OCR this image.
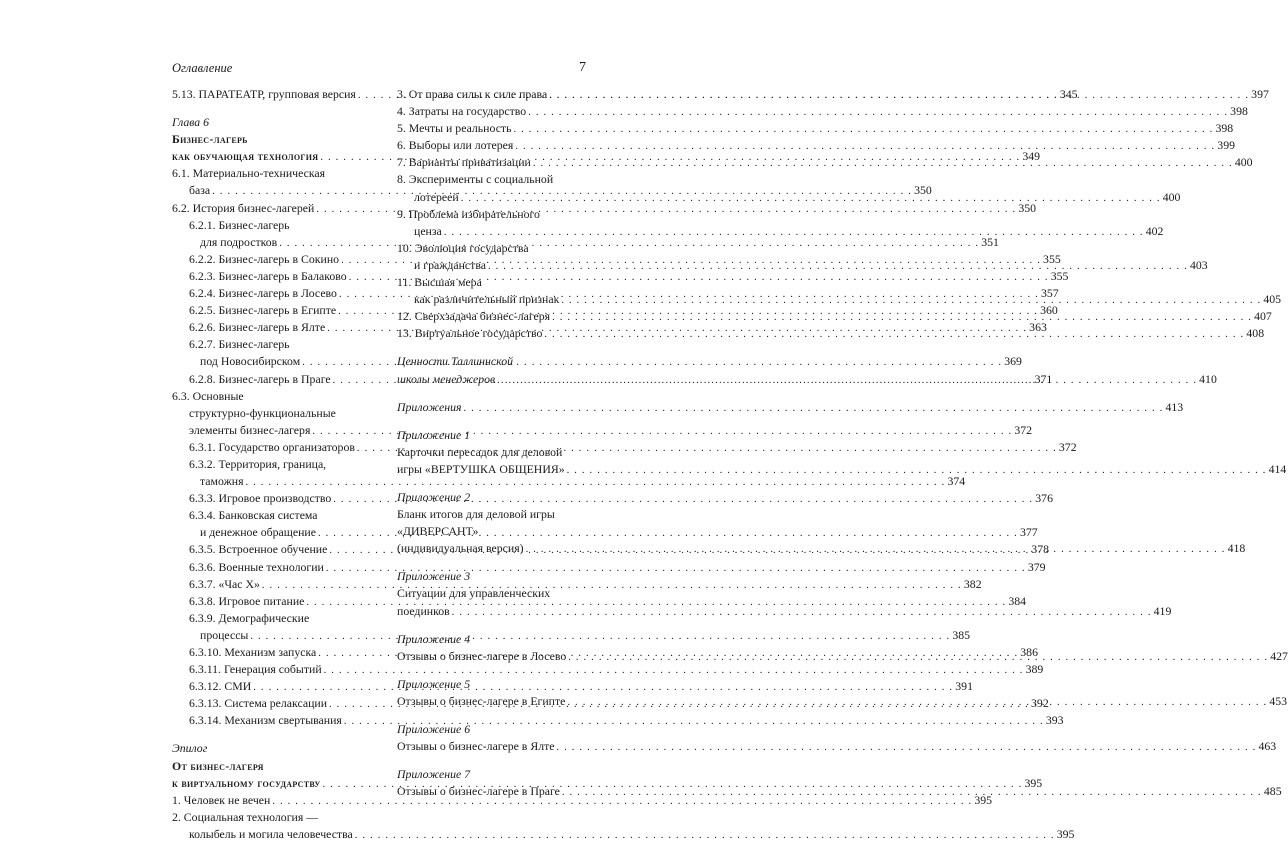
Оглавление	7
5.13. ПАРАТЕАТР, групповая версия . . .	345
Глава 6
Бизнес-лагерь
как обучающая технология . . .	349
6.1. Материально-техническая
база . . .	350
6.2. История бизнес-лагерей . . .	350
6.2.1. Бизнес-лагерь
для подростков . . .	351
6.2.2. Бизнес-лагерь в Сокино . . .	355
6.2.3. Бизнес-лагерь в Балаково . . .	355
6.2.4. Бизнес-лагерь в Лосево . . .	357
6.2.5. Бизнес-лагерь в Египте . . .	360
6.2.6. Бизнес-лагерь в Ялте . . .	363
6.2.7. Бизнес-лагерь
под Новосибирском . . .	369
6.2.8. Бизнес-лагерь в Праге . . .	371
6.3. Основные
структурно-функциональные
элементы бизнес-лагеря . . .	372
6.3.1. Государство организаторов . . .	372
6.3.2. Территория, граница,
таможня . . .	374
6.3.3. Игровое производство . . .	376
6.3.4. Банковская система
и денежное обращение . . .	377
6.3.5. Встроенное обучение . . .	378
6.3.6. Военные технологии . . .	379
6.3.7. «Час Х» . . .	382
6.3.8. Игровое питание . . .	384
6.3.9. Демографические
процессы . . .	385
6.3.10. Механизм запуска . . .	386
6.3.11. Генерация событий . . .	389
6.3.12. СМИ . . .	391
6.3.13. Система релаксации . . .	392
6.3.14. Механизм свертывания . . .	393
Эпилог
От бизнес-лагеря
к виртуальному государству . . .	395
1. Человек не вечен . . .	395
2. Социальная технология —
колыбель и могила человечества . . .	395
3. От права силы к силе права . . .	397
4. Затраты на государство . . .	398
5. Мечты и реальность . . .	398
6. Выборы или лотерея . . .	399
7. Варианты приватизации . . .	400
8. Эксперименты с социальной
лотереей . . .	400
9. Проблема избирательного
ценза . . .	402
10. Эволюция государства
и гражданства . . .	403
11. Высшая мера
как различительный признак . . .	405
12. Сверхзадача бизнес-лагеря . . .	407
13. Виртуальное государство . . .	408
Ценности Таллиннской
школы менеджеров . . .	410
Приложения . . .	413
Приложение 1
Карточки пересадок для деловой
игры «ВЕРТУШКА ОБЩЕНИЯ» . . .	414
Приложение 2
Бланк итогов для деловой игры
«ДИВЕРСАНТ»
(индивидуальная версия) . . .	418
Приложение 3
Ситуации для управленческих
поединков . . .	419
Приложение 4
Отзывы о бизнес-лагере в Лосево . . .	427
Приложение 5
Отзывы о бизнес-лагере в Египте . . .	453
Приложение 6
Отзывы о бизнес-лагере в Ялте . . .	463
Приложение 7
Отзывы о бизнес-лагере в Праге . . .	485
